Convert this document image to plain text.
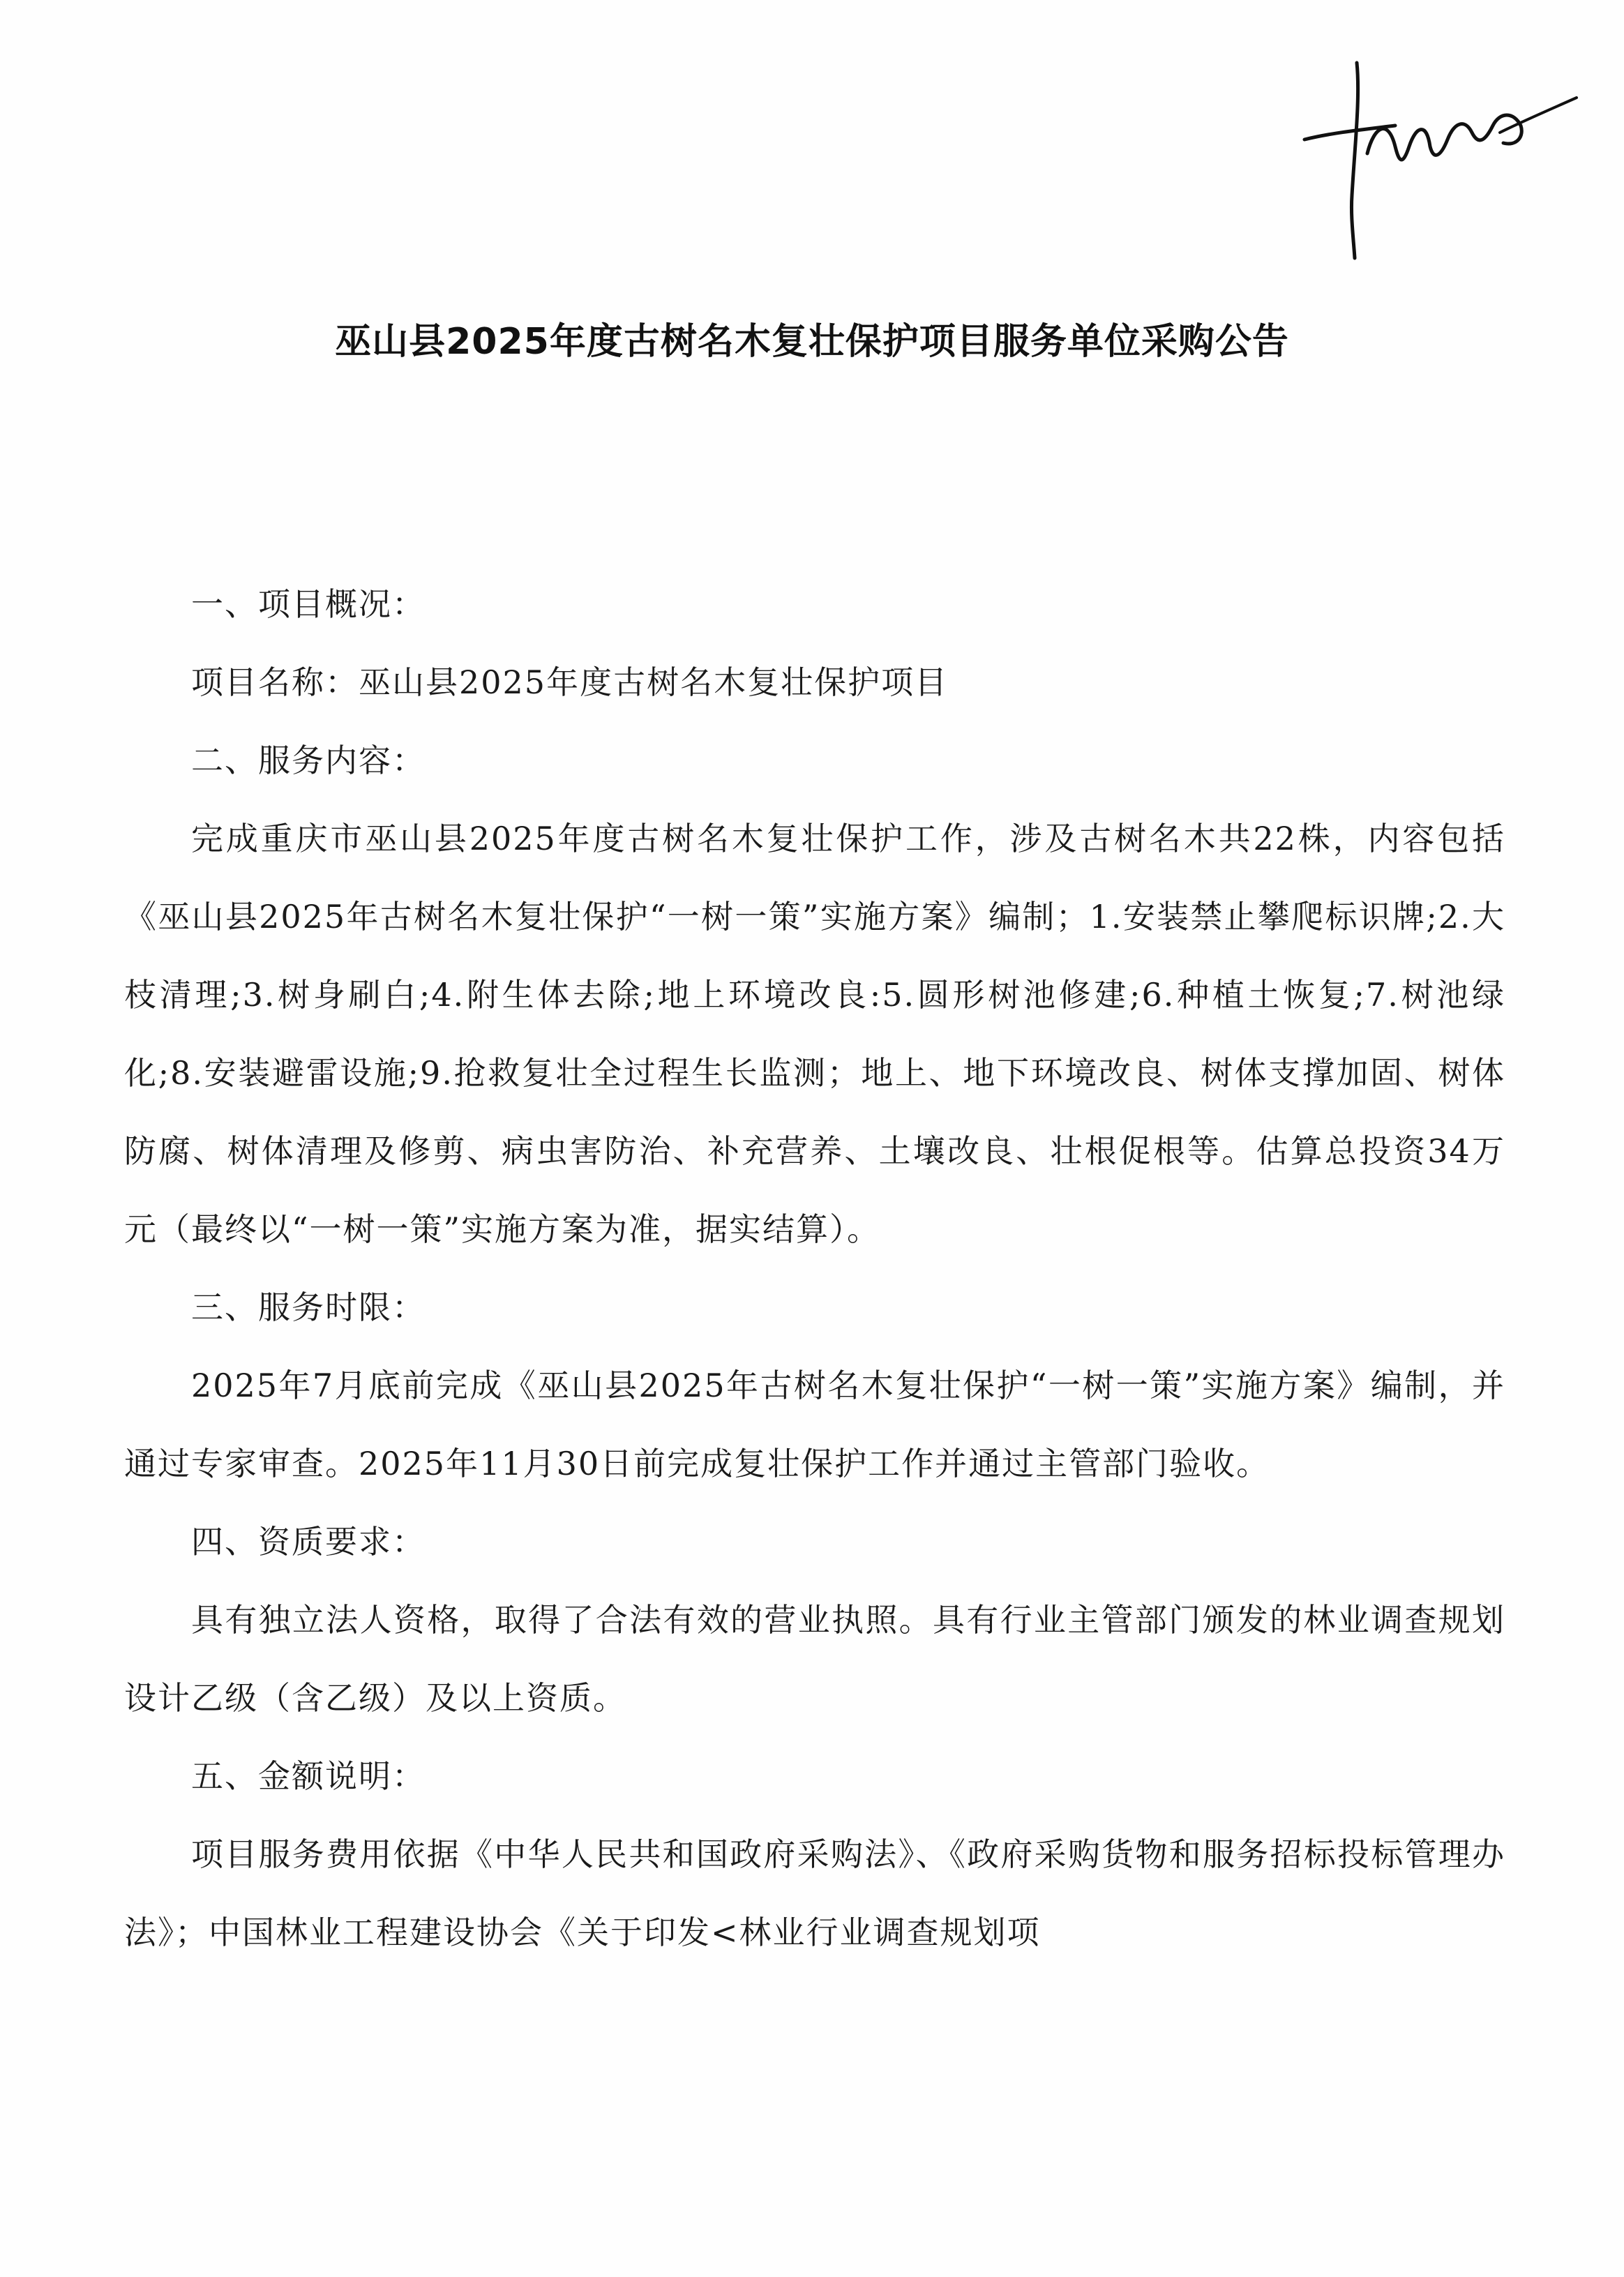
巫山县2025年度古树名木复壮保护项目服务单位采购公告

一、项目概况：

项目名称：巫山县2025年度古树名木复壮保护项目

二、服务内容：

完成重庆市巫山县2025年度古树名木复壮保护工作，涉及古树名木共22株，内容包括《巫山县2025年古树名木复壮保护“一树一策”实施方案》编制；1.安装禁止攀爬标识牌;2.大枝清理;3.树身刷白;4.附生体去除;地上环境改良:5.圆形树池修建;6.种植土恢复;7.树池绿化;8.安装避雷设施;9.抢救复壮全过程生长监测；地上、地下环境改良、树体支撑加固、树体防腐、树体清理及修剪、病虫害防治、补充营养、土壤改良、壮根促根等。估算总投资34万元（最终以“一树一策”实施方案为准，据实结算）。

三、服务时限：

2025年7月底前完成《巫山县2025年古树名木复壮保护“一树一策”实施方案》编制，并通过专家审查。2025年11月30日前完成复壮保护工作并通过主管部门验收。

四、资质要求：

具有独立法人资格，取得了合法有效的营业执照。具有行业主管部门颁发的林业调查规划设计乙级（含乙级）及以上资质。

五、金额说明：

项目服务费用依据《中华人民共和国政府采购法》、《政府采购货物和服务招标投标管理办法》；中国林业工程建设协会《关于印发<林业行业调查规划项
